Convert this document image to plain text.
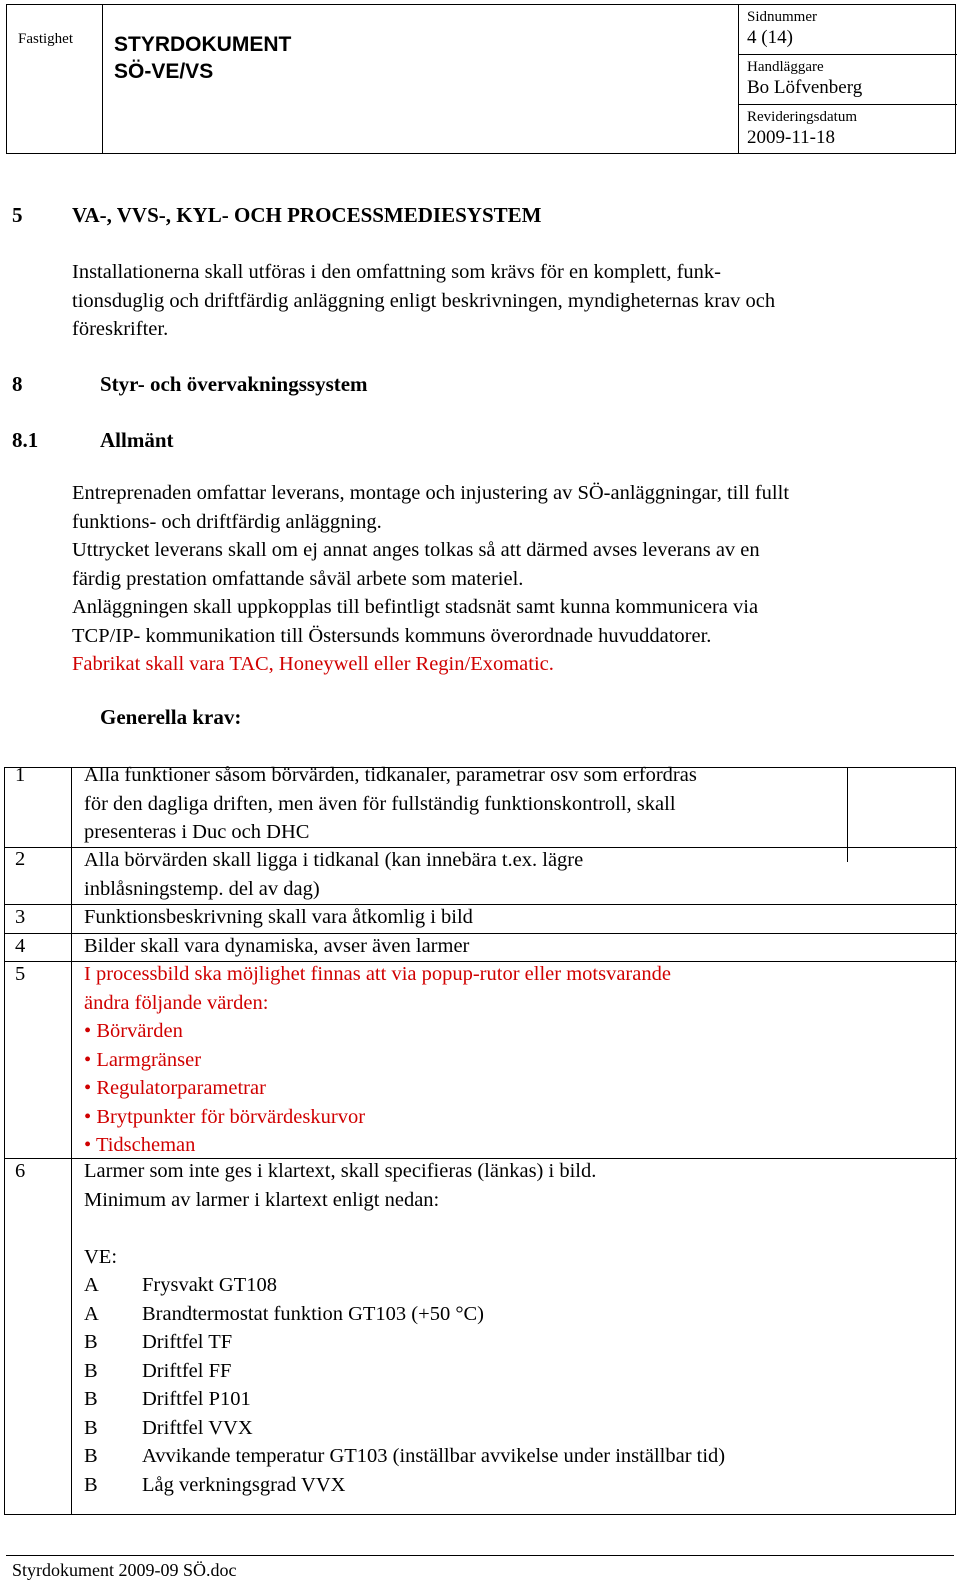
Fastighet STYRDOKUMENT
SÖ-VE/VS
Sidnummer
4 (14)
Handläggare
Bo Löfvenberg
Revideringsdatum
2009-11-18
5 VA-, VVS-, KYL- OCH PROCESSMEDIESYSTEM
Installationerna skall utföras i den omfattning som krävs för en komplett, funk-
tionsduglig och driftfärdig anläggning enligt beskrivningen, myndigheternas krav och
föreskrifter.
8	Styr- och övervakningssystem
8.1	Allmänt
Entreprenaden omfattar leverans, montage och injustering av SÖ-anläggningar, till fullt
funktions- och driftfärdig anläggning.
Uttrycket leverans skall om ej annat anges tolkas så att därmed avses leverans av en
färdig prestation omfattande såväl arbete som materiel.
Anläggningen skall uppkopplas till befintligt stadsnät samt kunna kommunicera via
TCP/IP- kommunikation till Östersunds kommuns överordnade huvuddatorer.
Fabrikat skall vara TAC, Honeywell eller Regin/Exomatic.
Generella krav:
1	Alla funktioner såsom börvärden, tidkanaler, parametrar osv som erfordras
för den dagliga driften, men även för fullständig funktionskontroll, skall
presenteras i Duc och DHC
2	Alla börvärden skall ligga i tidkanal (kan innebära t.ex. lägre
inblåsningstemp. del av dag)
3	Funktionsbeskrivning skall vara åtkomlig i bild
4	Bilder skall vara dynamiska, avser även larmer
5	I processbild ska möjlighet finnas att via popup-rutor eller motsvarande
ändra följande värden:
• Börvärden
• Larmgränser
• Regulatorparametrar
• Brytpunkter för börvärdeskurvor
• Tidscheman
6	Larmer som inte ges i klartext, skall specifieras (länkas) i bild.
Minimum av larmer i klartext enligt nedan:
VE:
A	Frysvakt GT108
A	Brandtermostat funktion GT103 (+50 °C)
B	Driftfel TF
B	Driftfel FF
B	Driftfel P101
B	Driftfel VVX
B	Avvikande temperatur GT103 (inställbar avvikelse under inställbar tid)
B	Låg verkningsgrad VVX
Styrdokument 2009-09 SÖ.doc
